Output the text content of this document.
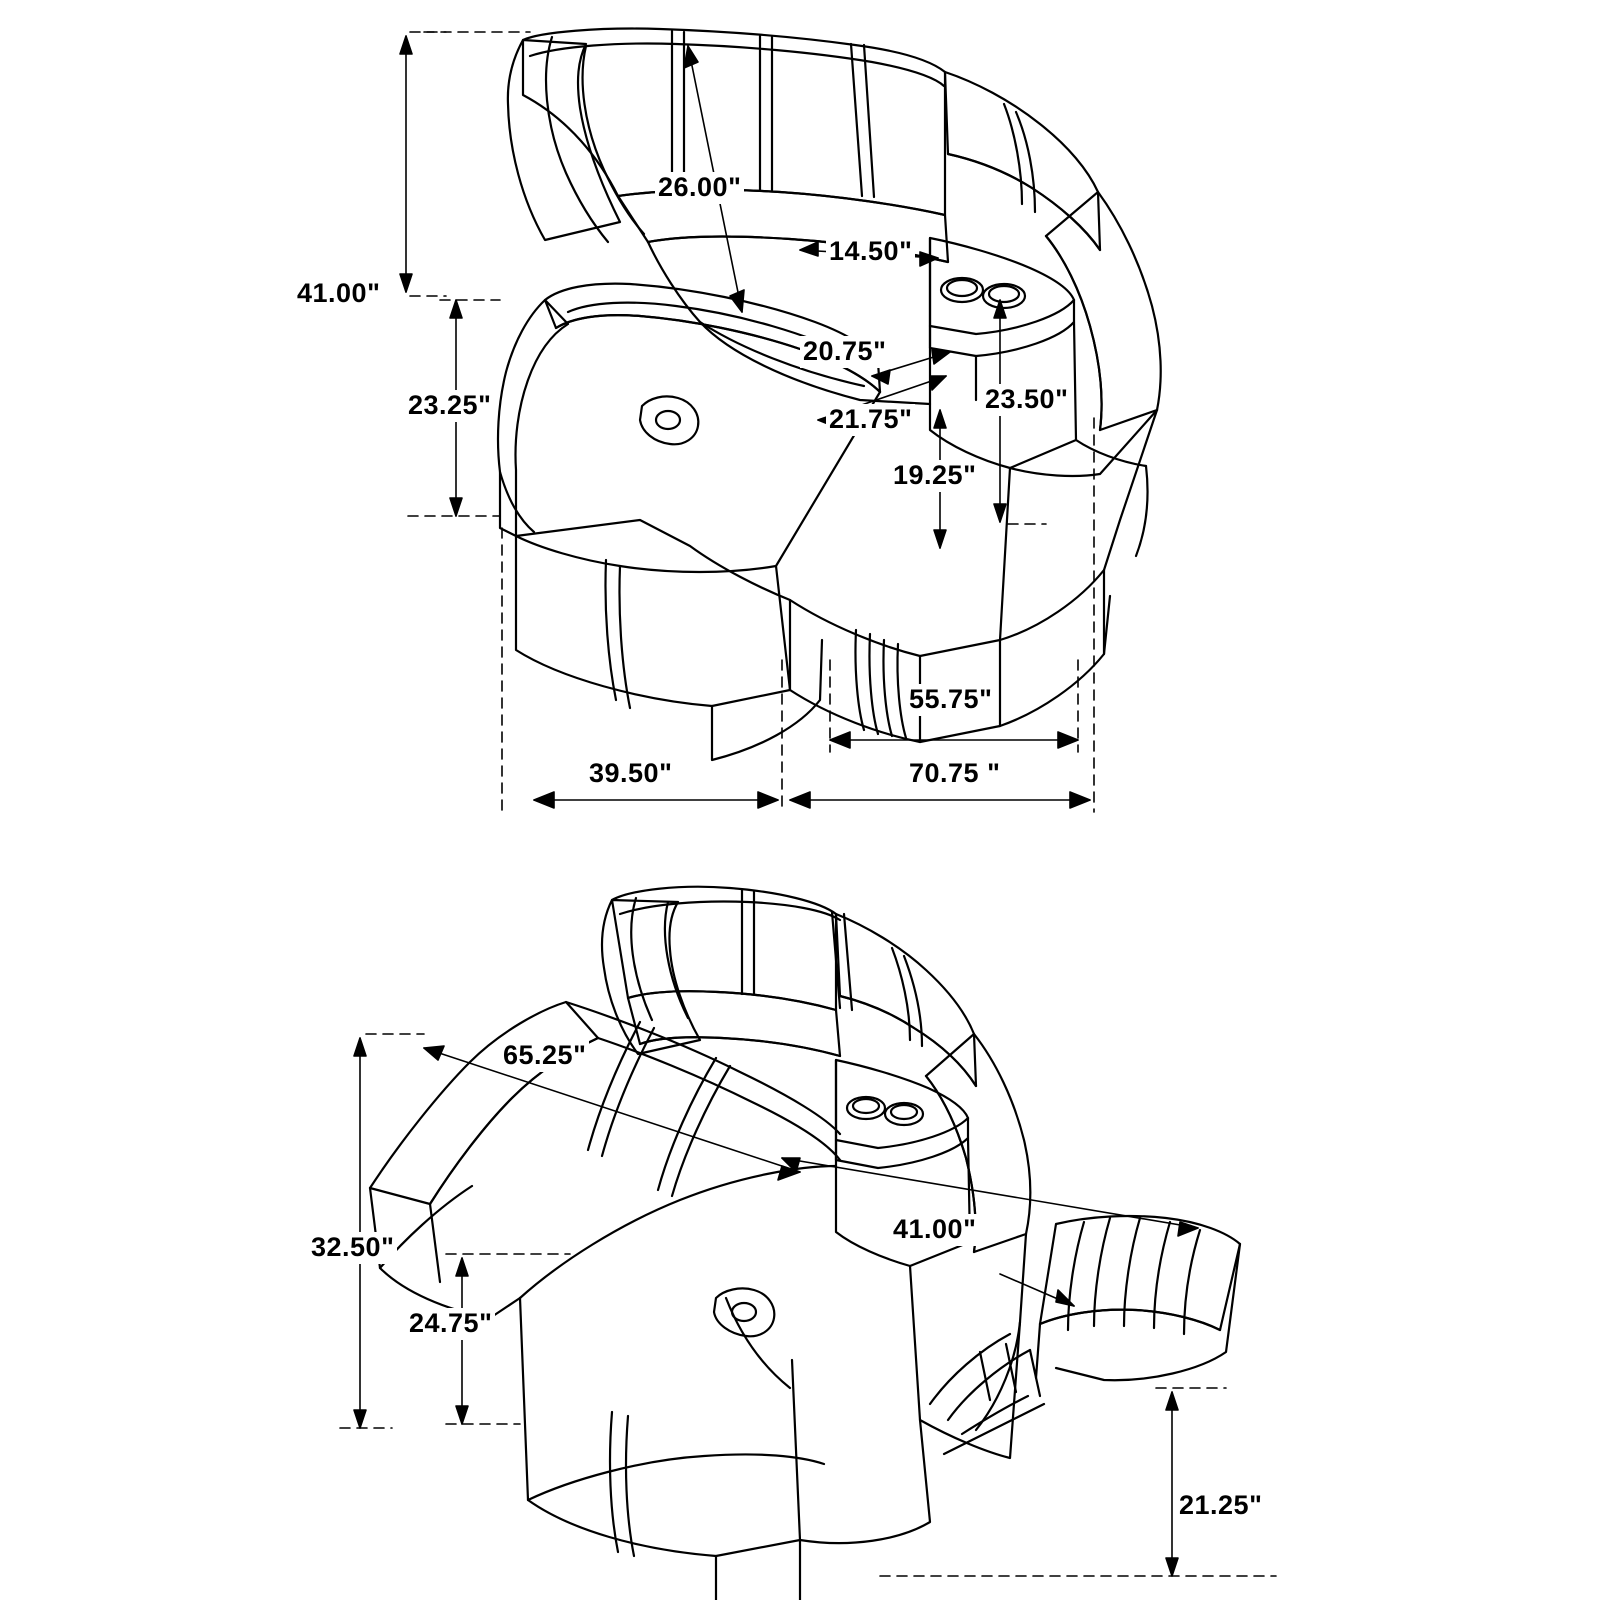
41.00"
26.00"
14.50"
23.25"
20.75"
21.75"
23.50"
19.25"
55.75"
39.50"	70.75 "
65.25"
32.50"
24.75"
41.00"
21.25"
